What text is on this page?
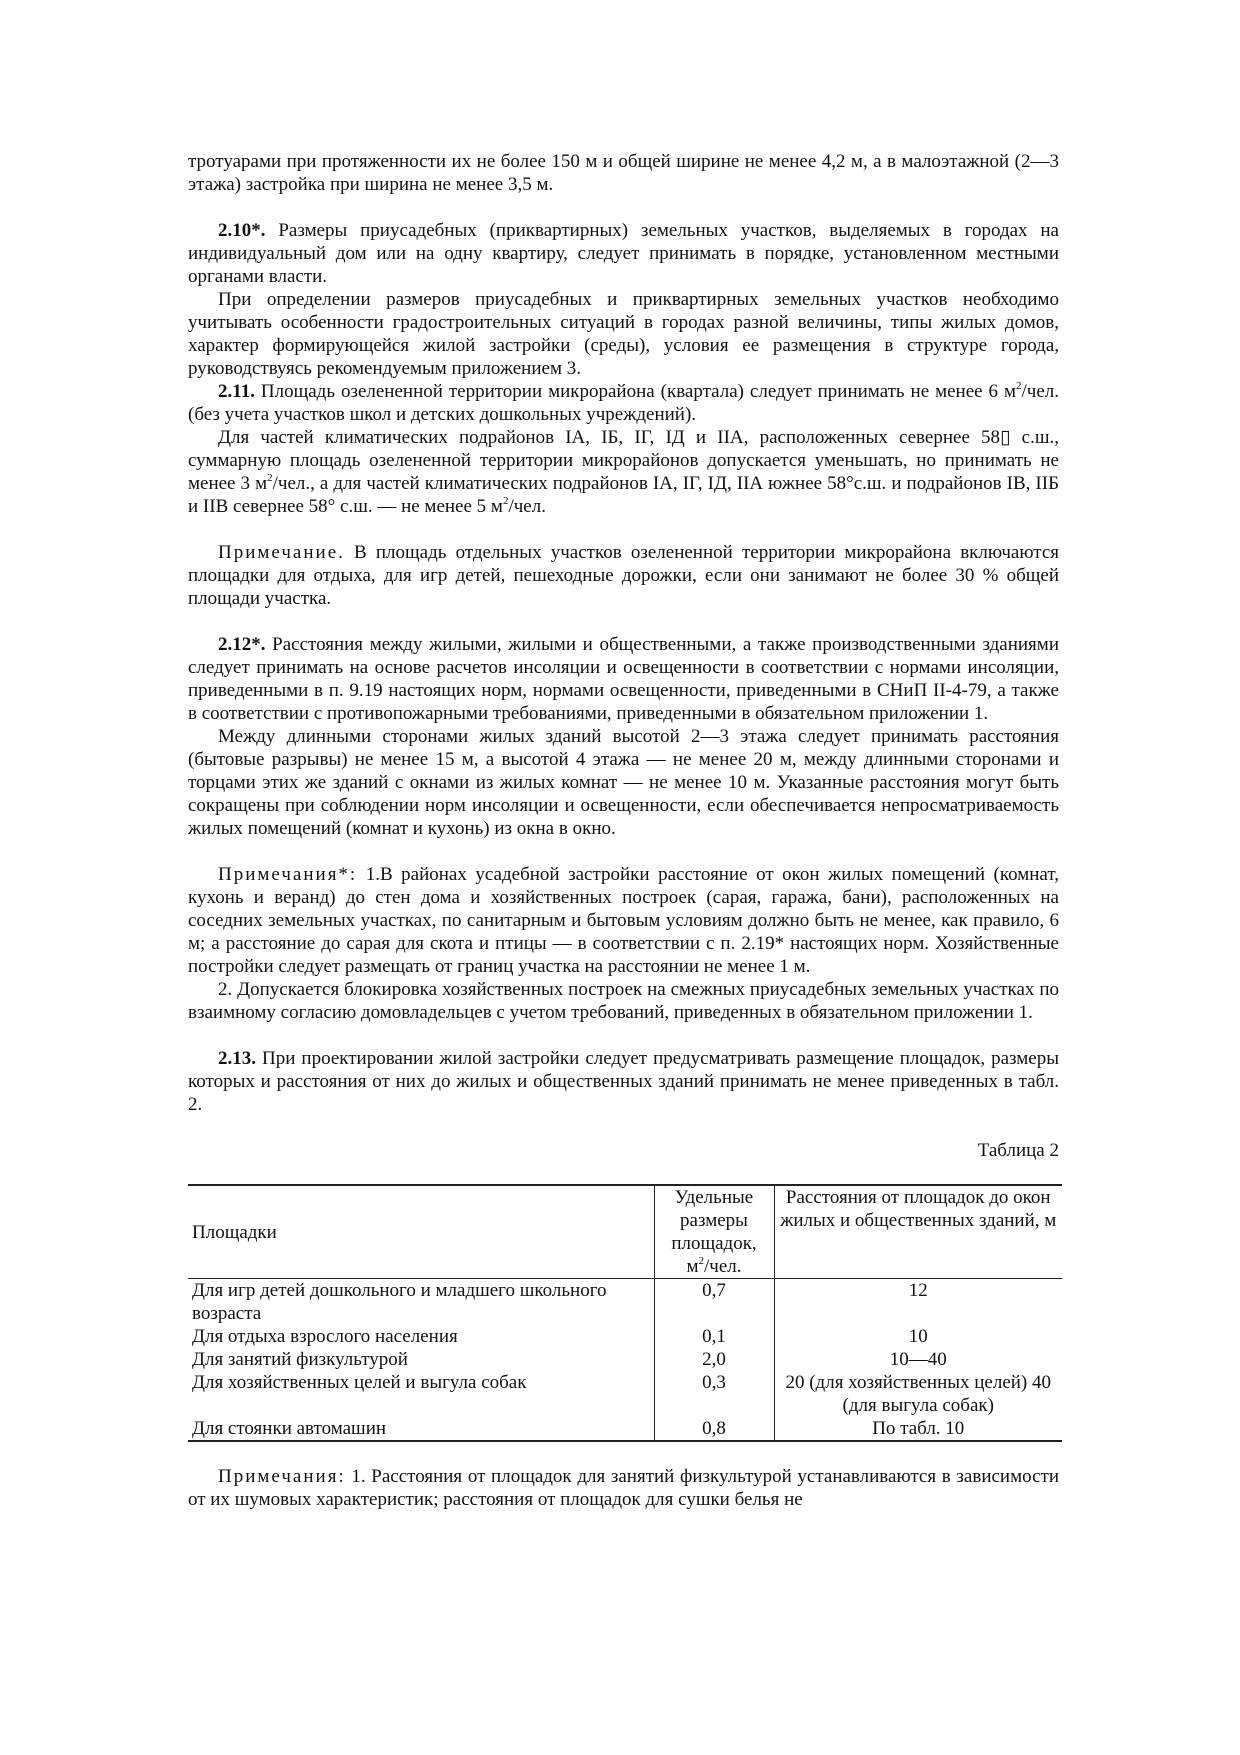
тротуарами при протяженности их не более 150 м и общей ширине не менее 4,2 м, а в малоэтажной (2—3 этажа) застройка при ширина не менее 3,5 м.

2.10*. Размеры приусадебных (приквартирных) земельных участков, выделяемых в городах на индивидуальный дом или на одну квартиру, следует принимать в порядке, установленном местными органами власти.

При определении размеров приусадебных и приквартирных земельных участков необходимо учитывать особенности градостроительных ситуаций в городах разной величины, типы жилых домов, характер формирующейся жилой застройки (среды), условия ее размещения в структуре города, руководствуясь рекомендуемым приложением 3.

2.11. Площадь озелененной территории микрорайона (квартала) следует принимать не менее 6 $м^2$/чел. (без учета участков школ и детских дошкольных учреждений).

Для частей климатических подрайонов IА, IБ, IГ, IД и IIА, расположенных севернее 58▯ с.ш., суммарную площадь озелененной территории микрорайонов допускается уменьшать, но принимать не менее 3 $м^2$/чел., а для частей климатических подрайонов IА, IГ, IД, IIА южнее 58°с.ш. и подрайонов IВ, IIБ и IIВ севернее 58° с.ш. — не менее 5 $м^2$/чел.

Примечание. В площадь отдельных участков озелененной территории микрорайона включаются площадки для отдыха, для игр детей, пешеходные дорожки, если они занимают не более 30 % общей площади участка.

2.12*. Расстояния между жилыми, жилыми и общественными, а также производственными зданиями следует принимать на основе расчетов инсоляции и освещенности в соответствии с нормами инсоляции, приведенными в п. 9.19 настоящих норм, нормами освещенности, приведенными в СНиП II-4-79, а также в соответствии с противопожарными требованиями, приведенными в обязательном приложении 1.

Между длинными сторонами жилых зданий высотой 2—3 этажа следует принимать расстояния (бытовые разрывы) не менее 15 м, а высотой 4 этажа — не менее 20 м, между длинными сторонами и торцами этих же зданий с окнами из жилых комнат — не менее 10 м. Указанные расстояния могут быть сокращены при соблюдении норм инсоляции и освещенности, если обеспечивается непросматриваемость жилых помещений (комнат и кухонь) из окна в окно.

Примечания*: 1.В районах усадебной застройки расстояние от окон жилых помещений (комнат, кухонь и веранд) до стен дома и хозяйственных построек (сарая, гаража, бани), расположенных на соседних земельных участках, по санитарным и бытовым условиям должно быть не менее, как правило, 6 м; а расстояние до сарая для скота и птицы — в соответствии с п. 2.19* настоящих норм. Хозяйственные постройки следует размещать от границ участка на расстоянии не менее 1 м.

2. Допускается блокировка хозяйственных построек на смежных приусадебных земельных участках по взаимному согласию домовладельцев с учетом требований, приведенных в обязательном приложении 1.

2.13. При проектировании жилой застройки следует предусматривать размещение площадок, размеры которых и расстояния от них до жилых и общественных зданий принимать не менее приведенных в табл. 2.

Таблица 2

Площадки	Удельные размеры площадок, $м^2$/чел.	Расстояния от площадок до окон жилых и общественных зданий, м
Для игр детей дошкольного и младшего школьного возраста	0,7	12
Для отдыха взрослого населения	0,1	10
Для занятий физкультурой	2,0	10—40
Для хозяйственных целей и выгула собак	0,3	20 (для хозяйственных целей) 40 (для выгула собак)
Для стоянки автомашин	0,8	По табл. 10

Примечания: 1. Расстояния от площадок для занятий физкультурой устанавливаются в зависимости от их шумовых характеристик; расстояния от площадок для сушки белья не
